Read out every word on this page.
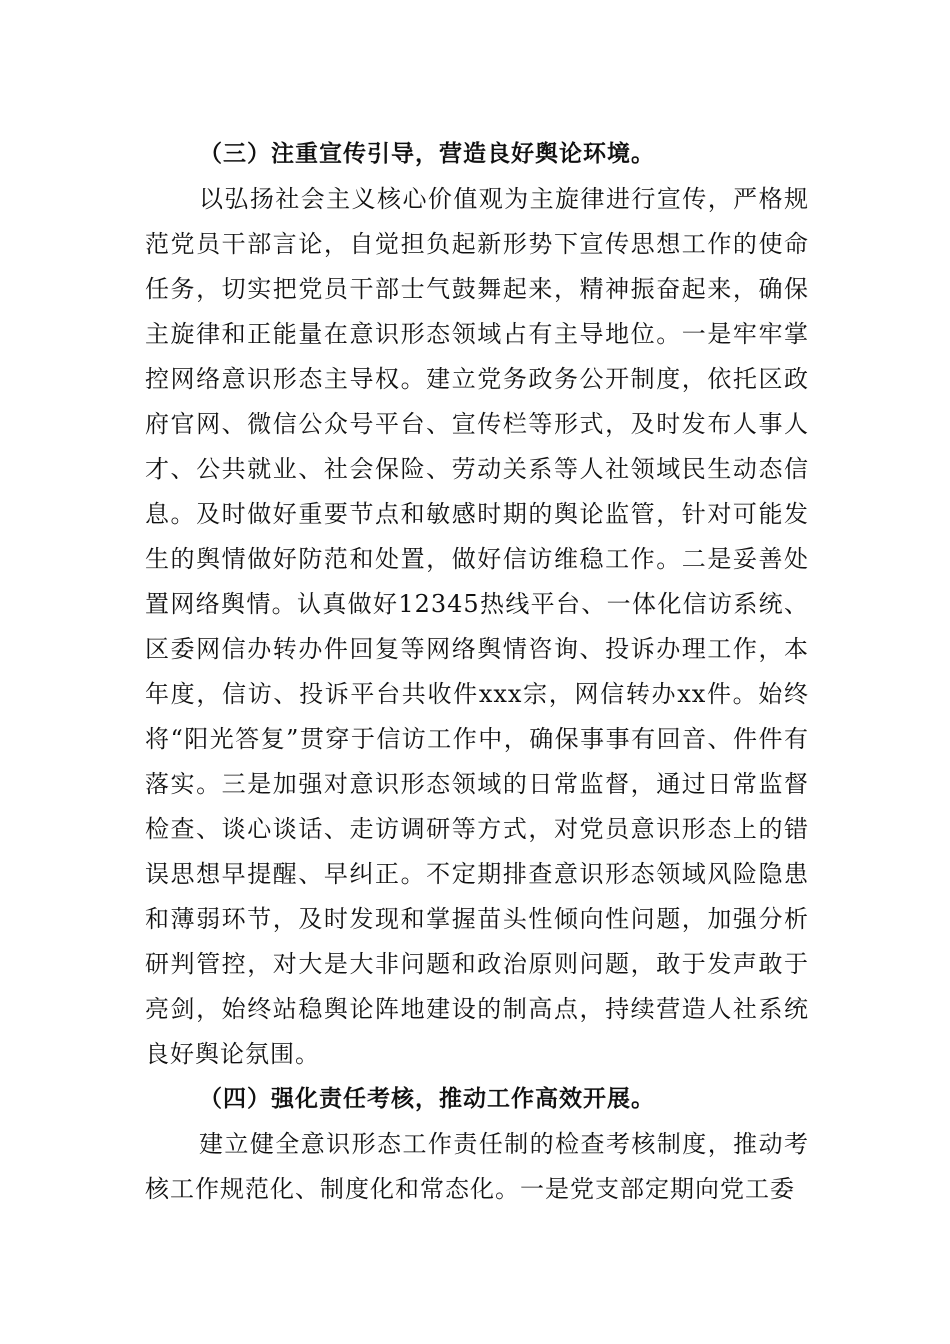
（三）注重宣传引导，营造良好舆论环境。

以弘扬社会主义核心价值观为主旋律进行宣传，严格规范党员干部言论，自觉担负起新形势下宣传思想工作的使命任务，切实把党员干部士气鼓舞起来，精神振奋起来，确保主旋律和正能量在意识形态领域占有主导地位。一是牢牢掌控网络意识形态主导权。建立党务政务公开制度，依托区政府官网、微信公众号平台、宣传栏等形式，及时发布人事人才、公共就业、社会保险、劳动关系等人社领域民生动态信息。及时做好重要节点和敏感时期的舆论监管，针对可能发生的舆情做好防范和处置，做好信访维稳工作。二是妥善处置网络舆情。认真做好12345热线平台、一体化信访系统、区委网信办转办件回复等网络舆情咨询、投诉办理工作，本年度，信访、投诉平台共收件xxx宗，网信转办xx件。始终将“阳光答复”贯穿于信访工作中，确保事事有回音、件件有落实。三是加强对意识形态领域的日常监督，通过日常监督检查、谈心谈话、走访调研等方式，对党员意识形态上的错误思想早提醒、早纠正。不定期排查意识形态领域风险隐患和薄弱环节，及时发现和掌握苗头性倾向性问题，加强分析研判管控，对大是大非问题和政治原则问题，敢于发声敢于亮剑，始终站稳舆论阵地建设的制高点，持续营造人社系统良好舆论氛围。

（四）强化责任考核，推动工作高效开展。

建立健全意识形态工作责任制的检查考核制度，推动考核工作规范化、制度化和常态化。一是党支部定期向党工委
